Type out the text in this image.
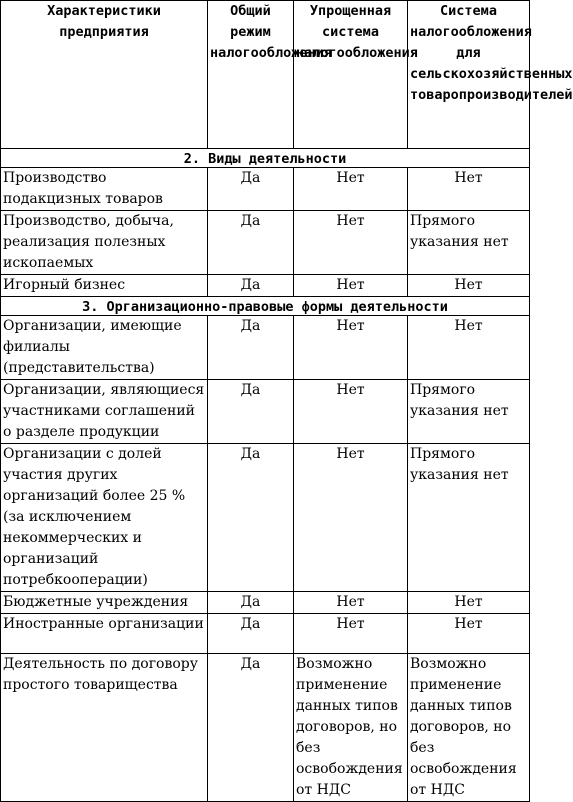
Характеристики предприятия	Общий режим налогообложения	Упрощенная система налогообложения	Система налогообложения для сельскохозяйственных товаропроизводителей
2. Виды деятельности			
Производство подакцизных товаров	Да	Нет	Нет
Производство, добыча, реализация полезных ископаемых	Да	Нет	Прямого указания нет
Игорный бизнес	Да	Нет	Нет
3. Организационно-правовые формы деятельности			
Организации, имеющие филиалы (представительства)	Да	Нет	Нет
Организации, являющиеся участниками соглашений о разделе продукции	Да	Нет	Прямого указания нет
Организации с долей участия других организаций более 25 % (за исключением некоммерческих и организаций потребкооперации)	Да	Нет	Прямого указания нет
Бюджетные учреждения	Да	Нет	Нет
Иностранные организации	Да	Нет	Нет
Деятельность по договору простого товарищества	Да	Возможно применение данных типов договоров, но без освобождения от НДС	Возможно применение данных типов договоров, но без освобождения от НДС
